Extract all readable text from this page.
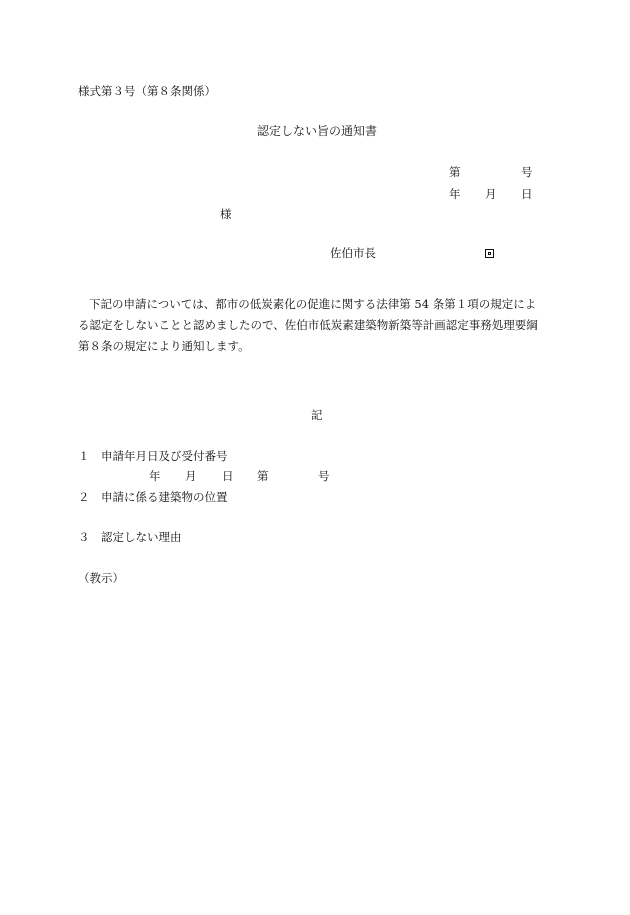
様式第３号（第８条関係）
認定しない旨の通知書
第	号
年 月 日
様
佐伯市長
下記の申請については、都市の低炭素化の促進に関する法律第 54 条第１項の規定によ
る認定をしないことと認めましたので、佐伯市低炭素建築物新築等計画認定事務処理要綱
第８条の規定により通知します。
記
１ 申請年月日及び受付番号
年 月 日 第	号
２ 申請に係る建築物の位置
３ 認定しない理由
（教示）
